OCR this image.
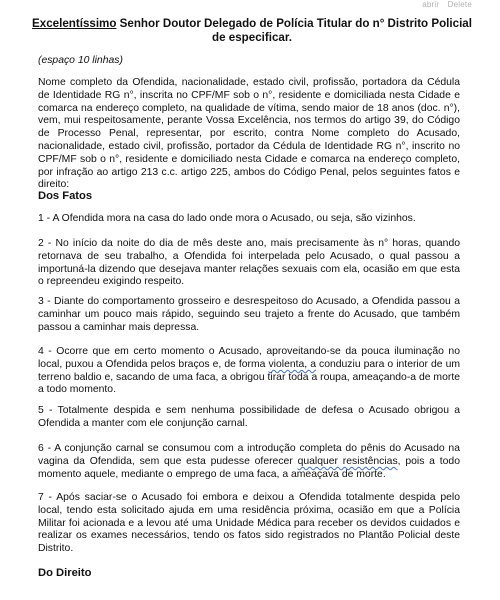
abrir Delete
Excelentíssimo Senhor Doutor Delegado de Polícia Titular do n° Distrito Policial
de especificar.
(espaço 10 linhas)
Nome completo da Ofendida, nacionalidade, estado civil, profissão, portadora da Cédula de Identidade RG n°, inscrita no CPF/MF sob o n°, residente e domiciliada nesta Cidade e comarca na endereço completo, na qualidade de vítima, sendo maior de 18 anos (doc. n°), vem, mui respeitosamente, perante Vossa Excelência, nos termos do artigo 39, do Código de Processo Penal, representar, por escrito, contra Nome completo do Acusado, nacionalidade, estado civil, profissão, portador da Cédula de Identidade RG n°, inscrito no CPF/MF sob o n°, residente e domiciliado nesta Cidade e comarca na endereço completo, por infração ao artigo 213 c.c. artigo 225, ambos do Código Penal, pelos seguintes fatos e direito:
Dos Fatos
1 - A Ofendida mora na casa do lado onde mora o Acusado, ou seja, são vizinhos.
2 - No início da noite do dia de mês deste ano, mais precisamente às n° horas, quando retornava de seu trabalho, a Ofendida foi interpelada pelo Acusado, o qual passou a importuná-la dizendo que desejava manter relações sexuais com ela, ocasião em que esta o repreendeu exigindo respeito.
3 - Diante do comportamento grosseiro e desrespeitoso do Acusado, a Ofendida passou a caminhar um pouco mais rápido, seguindo seu trajeto a frente do Acusado, que também passou a caminhar mais depressa.
4 - Ocorre que em certo momento o Acusado, aproveitando-se da pouca iluminação no local, puxou a Ofendida pelos braços e, de forma violenta, a conduziu para o interior de um terreno baldio e, sacando de uma faca, a obrigou tirar toda a roupa, ameaçando-a de morte a todo momento.
5 - Totalmente despida e sem nenhuma possibilidade de defesa o Acusado obrigou a Ofendida a manter com ele conjunção carnal.
6 - A conjunção carnal se consumou com a introdução completa do pênis do Acusado na vagina da Ofendida, sem que esta pudesse oferecer qualquer resistências, pois a todo momento aquele, mediante o emprego de uma faca, a ameaçava de morte.
7 - Após saciar-se o Acusado foi embora e deixou a Ofendida totalmente despida pelo local, tendo esta solicitado ajuda em uma residência próxima, ocasião em que a Polícia Militar foi acionada e a levou até uma Unidade Médica para receber os devidos cuidados e realizar os exames necessários, tendo os fatos sido registrados no Plantão Policial deste Distrito.
Do Direito
